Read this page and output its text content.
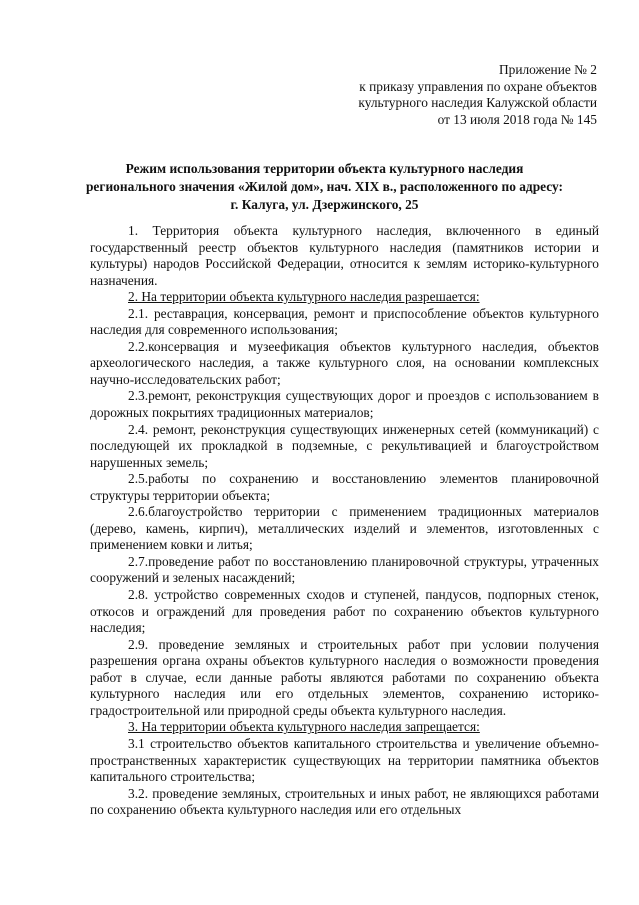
Приложение № 2
к приказу управления по охране объектов
культурного наследия Калужской области
от 13 июля 2018 года № 145
Режим использования территории объекта культурного наследия
регионального значения «Жилой дом», нач. XIX в., расположенного по адресу:
г. Калуга, ул. Дзержинского, 25

1. Территория объекта культурного наследия, включенного в единый государственный реестр объектов культурного наследия (памятников истории и культуры) народов Российской Федерации, относится к землям историко-культурного назначения.

2. На территории объекта культурного наследия разрешается:

2.1. реставрация, консервация, ремонт и приспособление объектов культурного наследия для современного использования;

2.2.консервация и музеефикация объектов культурного наследия, объектов археологического наследия, а также культурного слоя, на основании комплексных научно-исследовательских работ;

2.3.ремонт, реконструкция существующих дорог и проездов с использованием в дорожных покрытиях традиционных материалов;

2.4. ремонт, реконструкция существующих инженерных сетей (коммуникаций) с последующей их прокладкой в подземные, с рекультивацией и благоустройством нарушенных земель;

2.5.работы по сохранению и восстановлению элементов планировочной структуры территории объекта;

2.6.благоустройство территории с применением традиционных материалов (дерево, камень, кирпич), металлических изделий и элементов, изготовленных с применением ковки и литья;

2.7.проведение работ по восстановлению планировочной структуры, утраченных сооружений и зеленых насаждений;

2.8. устройство современных сходов и ступеней, пандусов, подпорных стенок, откосов и ограждений для проведения работ по сохранению объектов культурного наследия;

2.9. проведение земляных и строительных работ при условии получения разрешения органа охраны объектов культурного наследия о возможности проведения работ в случае, если данные работы являются работами по сохранению объекта культурного наследия или его отдельных элементов, сохранению историко-градостроительной или природной среды объекта культурного наследия.

3. На территории объекта культурного наследия запрещается:

3.1 строительство объектов капитального строительства и увеличение объемно-пространственных характеристик существующих на территории памятника объектов капитального строительства;

3.2. проведение земляных, строительных и иных работ, не являющихся работами по сохранению объекта культурного наследия или его отдельных
